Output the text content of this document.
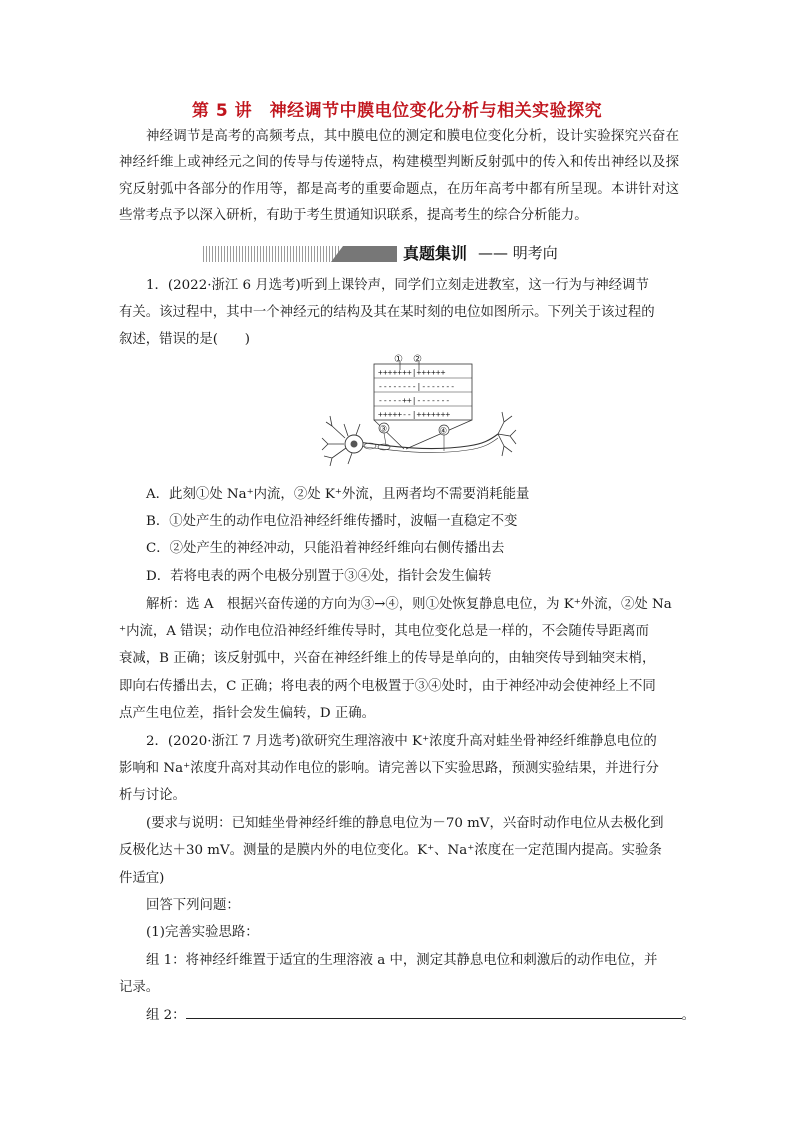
第 5 讲　神经调节中膜电位变化分析与相关实验探究
神经调节是高考的高频考点，其中膜电位的测定和膜电位变化分析，设计实验探究兴奋在神经纤维上或神经元之间的传导与传递特点，构建模型判断反射弧中的传入和传出神经以及探究反射弧中各部分的作用等，都是高考的重要命题点，在历年高考中都有所呈现。本讲针对这些常考点予以深入研析，有助于考生贯通知识联系，提高考生的综合分析能力。
真题集训 —— 明考向
1．(2022·浙江 6 月选考)听到上课铃声，同学们立刻走进教室，这一行为与神经调节
有关。该过程中，其中一个神经元的结构及其在某时刻的电位如图所示。下列关于该过程的
叙述，错误的是(　　)
+++++++|++++++
--------|-------
-----++|-------
+++++--|+++++++
① ②
③	④
A．此刻①处 Na⁺内流，②处 K⁺外流，且两者均不需要消耗能量
B．①处产生的动作电位沿神经纤维传播时，波幅一直稳定不变
C．②处产生的神经冲动，只能沿着神经纤维向右侧传播出去
D．若将电表的两个电极分别置于③④处，指针会发生偏转
解析：选 A　根据兴奋传递的方向为③→④，则①处恢复静息电位，为 K⁺外流，②处 Na
⁺内流，A 错误；动作电位沿神经纤维传导时，其电位变化总是一样的，不会随传导距离而
衰减，B 正确；该反射弧中，兴奋在神经纤维上的传导是单向的，由轴突传导到轴突末梢，
即向右传播出去，C 正确；将电表的两个电极置于③④处时，由于神经冲动会使神经上不同
点产生电位差，指针会发生偏转，D 正确。
2．(2020·浙江 7 月选考)欲研究生理溶液中 K⁺浓度升高对蛙坐骨神经纤维静息电位的
影响和 Na⁺浓度升高对其动作电位的影响。请完善以下实验思路，预测实验结果，并进行分
析与讨论。
(要求与说明：已知蛙坐骨神经纤维的静息电位为－70 mV，兴奋时动作电位从去极化到
反极化达＋30 mV。测量的是膜内外的电位变化。K⁺、Na⁺浓度在一定范围内提高。实验条
件适宜)
回答下列问题：
(1)完善实验思路：
组 1：将神经纤维置于适宜的生理溶液 a 中，测定其静息电位和刺激后的动作电位，并
记录。
组 2：	。
